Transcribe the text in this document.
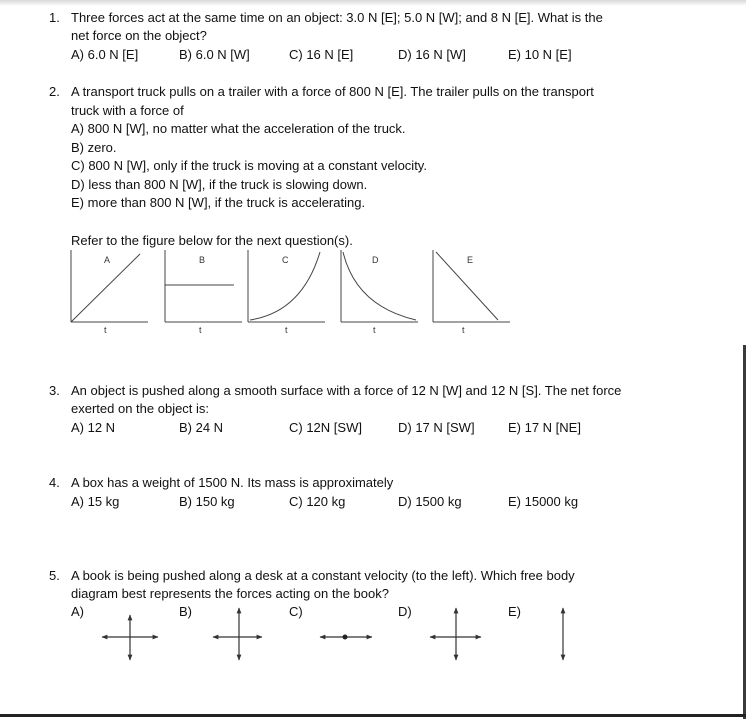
1. Three forces act at the same time on an object: 3.0 N [E]; 5.0 N [W]; and 8 N [E]. What is the
net force on the object?
A) 6.0 N [E]	B) 6.0 N [W]	C) 16 N [E]	D) 16 N [W]	E) 10 N [E]
2. A transport truck pulls on a trailer with a force of 800 N [E]. The trailer pulls on the transport
truck with a force of
A) 800 N [W], no matter what the acceleration of the truck.
B) zero.
C) 800 N [W], only if the truck is moving at a constant velocity.
D) less than 800 N [W], if the truck is slowing down.
E) more than 800 N [W], if the truck is accelerating.
Refer to the figure below for the next question(s).
A	B	C	D	E
t	t	t	t	t
3. An object is pushed along a smooth surface with a force of 12 N [W] and 12 N [S]. The net force
exerted on the object is:
A) 12 N	B) 24 N	C) 12N [SW]	D) 17 N [SW]	E) 17 N [NE]
4. A box has a weight of 1500 N. Its mass is approximately
A) 15 kg	B) 150 kg	C) 120 kg	D) 1500 kg	E) 15000 kg
5. A book is being pushed along a desk at a constant velocity (to the left). Which free body
diagram best represents the forces acting on the book?
A)	B)	C)	D)	E)
